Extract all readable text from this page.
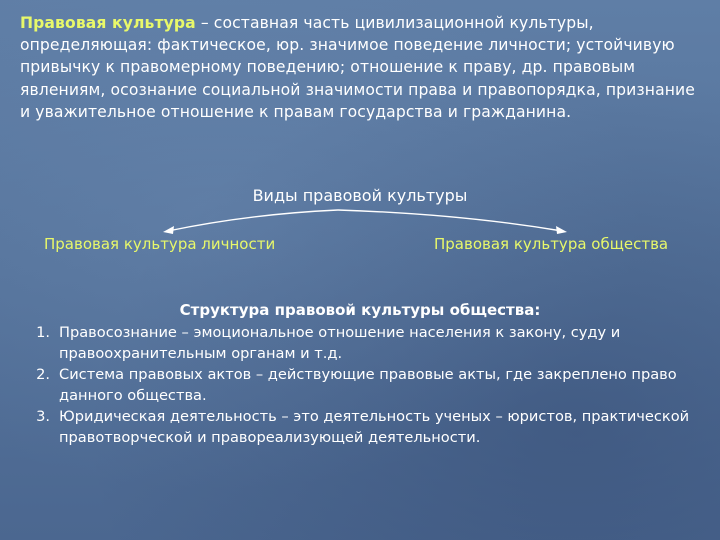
Правовая культура – составная часть цивилизационной культуры, определяющая: фактическое, юр. значимое поведение личности; устойчивую привычку к правомерному поведению; отношение к праву, др. правовым явлениям, осознание социальной значимости права и правопорядка, признание и уважительное отношение к правам государства и гражданина.
Виды правовой культуры
Правовая культура личности	Правовая культура общества
Структура правовой культуры общества:
1. Правосознание – эмоциональное отношение населения к закону, суду и правоохранительным органам и т.д.
2. Система правовых актов – действующие правовые акты, где закреплено право данного общества.
3. Юридическая деятельность – это деятельность ученых – юристов, практической правотворческой и правореализующей деятельности.
